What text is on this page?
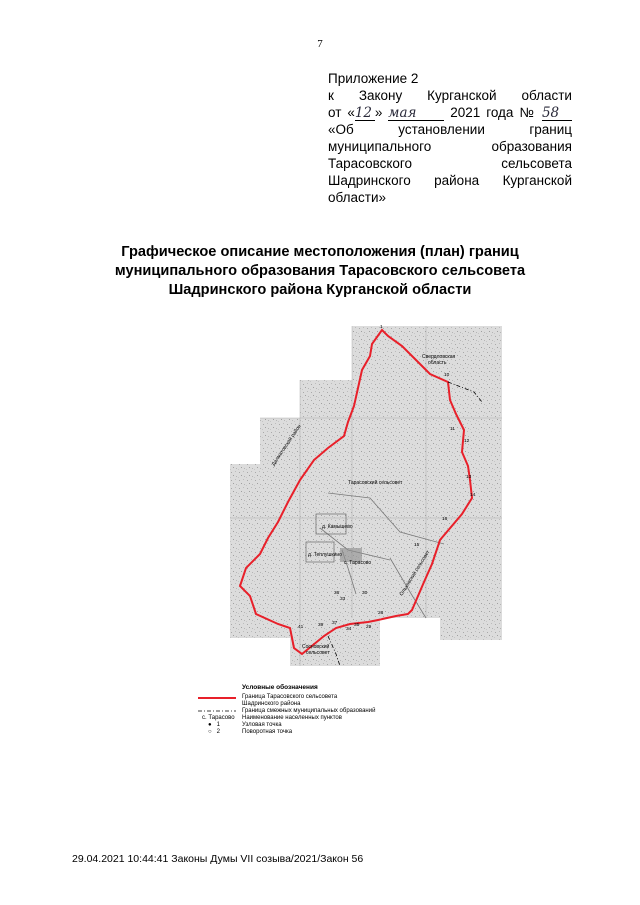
7
Приложение 2
к Закону Курганской области
от «12 » мая	2021 года № 58
«Об	установлении	границ
муниципального	образования
Тарасовского	сельсовета
Шадринского района Курганской
области»
Графическое описание местоположения (план) границ
муниципального образования Тарасовского сельсовета
Шадринского района Курганской области
Свердловская
область
Далматовский район
Тарасовский сельсовет
Ольховский сельсовет
Сосновский
сельсовет
д. Камышево
д. Теплушкино
с. Тарасово
1
10
11
12
13
14
15
16
28
29
30
33
34
35
36
37
39
41
Условные обозначения
Граница Тарасовского сельсовета
Шадринского района
Граница смежных муниципальных образований
с. Тарасово	Наименование населенных пунктов
● 1	Узловая точка
○ 2	Поворотная точка
29.04.2021 10:44:41 Законы Думы VII созыва/2021/Закон 56
